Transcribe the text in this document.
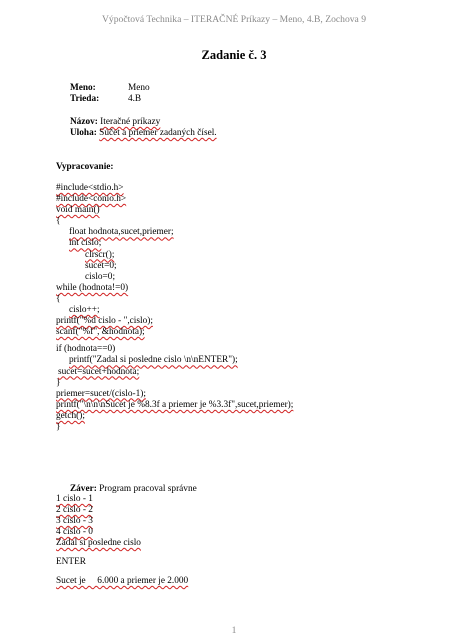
Výpočtová Technika – ITERAČNÉ Príkazy – Meno, 4.B, Zochova 9
Zadanie č. 3

Meno:	Meno

Trieda:	4.B

Názov: Iteračné príkazy

Uloha: Súčet a priemer zadaných čísel.

Vypracovanie:
#include<stdio.h>
#include<conio.h>
void main()
{
float hodnota,sucet,priemer;
int cislo;
clrscr();
sucet=0;
cislo=0;
while (hodnota!=0)
{
cislo++;
printf("%d cislo - ",cislo);
scanf("%f", &hodnota);
if (hodnota==0)
printf("Zadal si posledne cislo \n\nENTER");
sucet=sucet+hodnota;
}
priemer=sucet/(cislo-1);
printf("\n\n\nSucet je %8.3f a priemer je %3.3f",sucet,priemer);
getch();
}

Záver: Program pracoval správne

1 cislo - 1
2 cislo - 2
3 cislo - 3
4 cislo - 0
Zadal si posledne cislo
ENTER
Sucet je     6.000 a priemer je 2.000
1
